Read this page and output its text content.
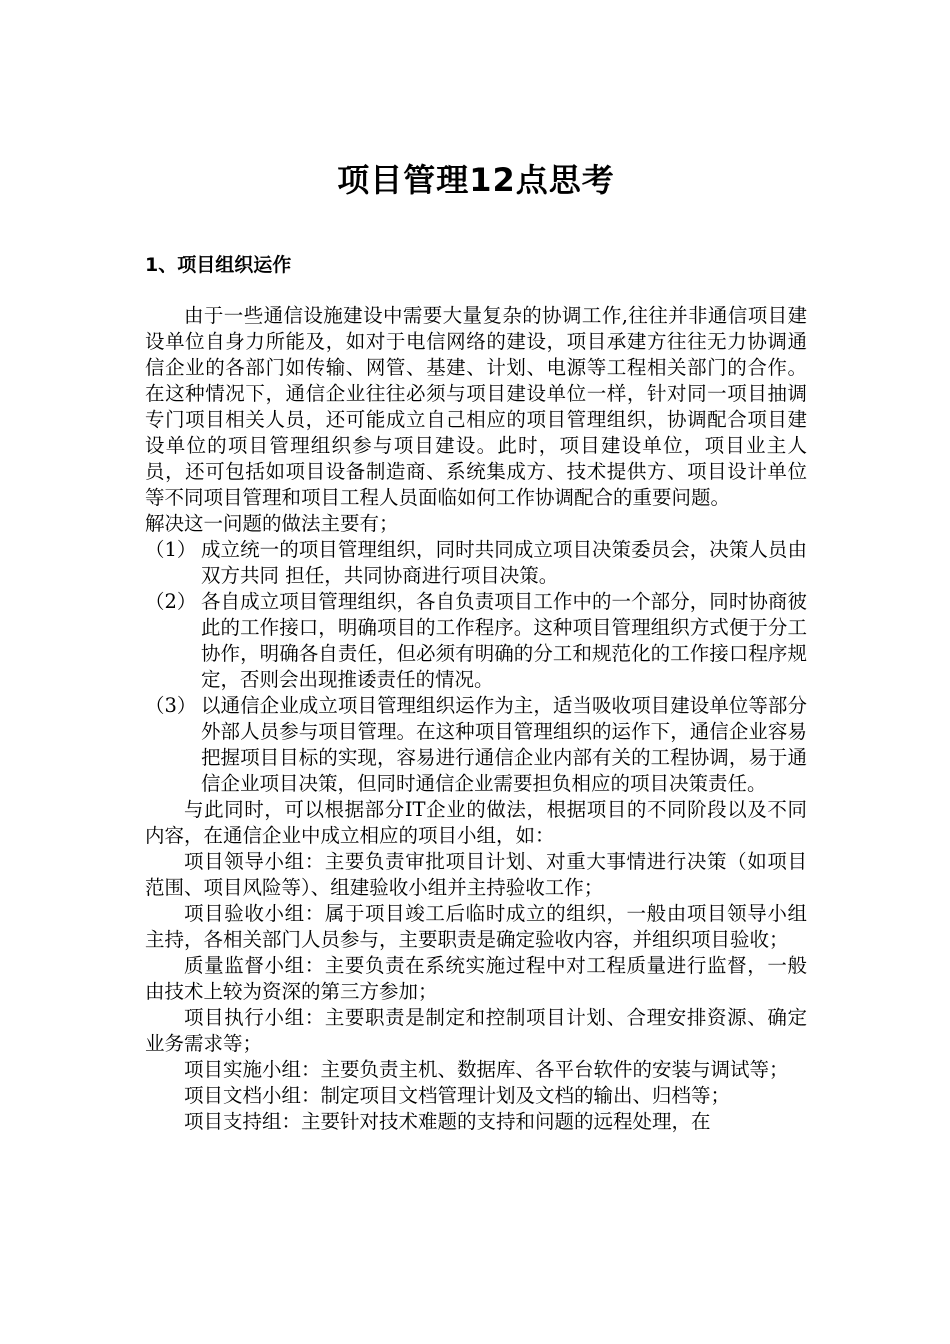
项目管理12点思考
1、项目组织运作

由于一些通信设施建设中需要大量复杂的协调工作,往往并非通信项目建设单位自身力所能及，如对于电信网络的建设，项目承建方往往无力协调通信企业的各部门如传输、网管、基建、计划、电源等工程相关部门的合作。在这种情况下，通信企业往往必须与项目建设单位一样，针对同一项目抽调专门项目相关人员，还可能成立自己相应的项目管理组织，协调配合项目建设单位的项目管理组织参与项目建设。此时，项目建设单位，项目业主人员，还可包括如项目设备制造商、系统集成方、技术提供方、项目设计单位等不同项目管理和项目工程人员面临如何工作协调配合的重要问题。

解决这一问题的做法主要有；

（1） 成立统一的项目管理组织，同时共同成立项目决策委员会，决策人员由双方共同 担任，共同协商进行项目决策。
（2） 各自成立项目管理组织，各自负责项目工作中的一个部分，同时协商彼此的工作接口，明确项目的工作程序。这种项目管理组织方式便于分工协作，明确各自责任，但必须有明确的分工和规范化的工作接口程序规定，否则会出现推诿责任的情况。
（3） 以通信企业成立项目管理组织运作为主，适当吸收项目建设单位等部分外部人员参与项目管理。在这种项目管理组织的运作下，通信企业容易把握项目目标的实现，容易进行通信企业内部有关的工程协调，易于通信企业项目决策，但同时通信企业需要担负相应的项目决策责任。

与此同时，可以根据部分IT企业的做法，根据项目的不同阶段以及不同内容，在通信企业中成立相应的项目小组，如：

项目领导小组：主要负责审批项目计划、对重大事情进行决策（如项目范围、项目风险等）、组建验收小组并主持验收工作；

项目验收小组：属于项目竣工后临时成立的组织，一般由项目领导小组主持，各相关部门人员参与，主要职责是确定验收内容，并组织项目验收；

质量监督小组：主要负责在系统实施过程中对工程质量进行监督，一般由技术上较为资深的第三方参加；

项目执行小组：主要职责是制定和控制项目计划、合理安排资源、确定业务需求等；

项目实施小组：主要负责主机、数据库、各平台软件的安装与调试等；

项目文档小组：制定项目文档管理计划及文档的输出、归档等；

项目支持组：主要针对技术难题的支持和问题的远程处理，在
